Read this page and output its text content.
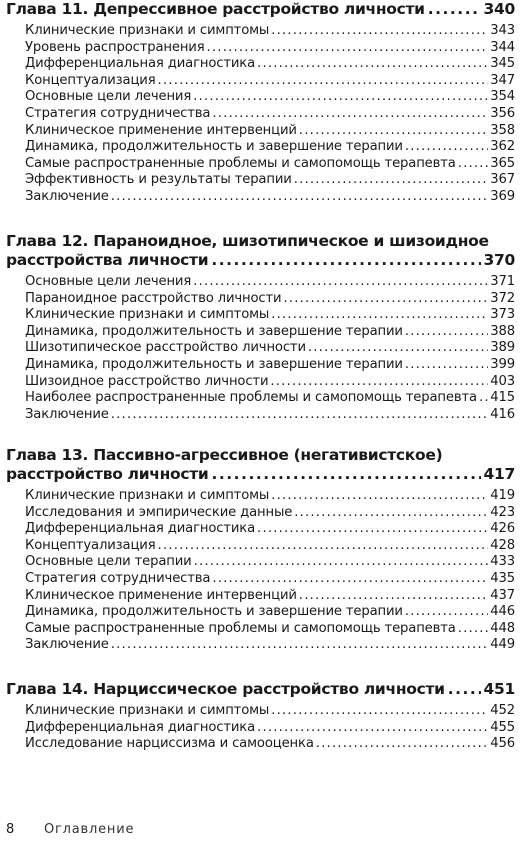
Глава 11. Депрессивное расстройство личности .....	340
Клинические признаки и симптомы .....	343
Уровень распространения .....	344
Дифференциальная диагностика .....	345
Концептуализация .....	347
Основные цели лечения .....	354
Стратегия сотрудничества .....	356
Клиническое применение интервенций .....	358
Динамика, продолжительность и завершение терапии .....	362
Самые распространенные проблемы и самопомощь терапевта .....	365
Эффективность и результаты терапии .....	367
Заключение .....	369
Глава 12. Параноидное, шизотипическое и шизоидное
расстройства личности .....	370
Основные цели лечения .....	371
Параноидное расстройство личности .....	372
Клинические признаки и симптомы .....	373
Динамика, продолжительность и завершение терапии .....	388
Шизотипическое расстройство личности .....	389
Динамика, продолжительность и завершение терапии .....	399
Шизоидное расстройство личности .....	403
Наиболее распространенные проблемы и самопомощь терапевта ..... 415
Заключение .....	416
Глава 13. Пассивно-агрессивное (негативистское)
расстройство личности .....	417
Клинические признаки и симптомы .....	419
Исследования и эмпирические данные .....	423
Дифференциальная диагностика .....	426
Концептуализация .....	428
Основные цели терапии .....	433
Стратегия сотрудничества .....	435
Клиническое применение интервенций .....	437
Динамика, продолжительность и завершение терапии .....	446
Самые распространенные проблемы и самопомощь терапевта .....	448
Заключение .....	449
Глава 14. Нарциссическое расстройство личности .....	451
Клинические признаки и симптомы .....	452
Дифференциальная диагностика .....	455
Исследование нарциссизма и самооценка .....	456
8 Оглавление
